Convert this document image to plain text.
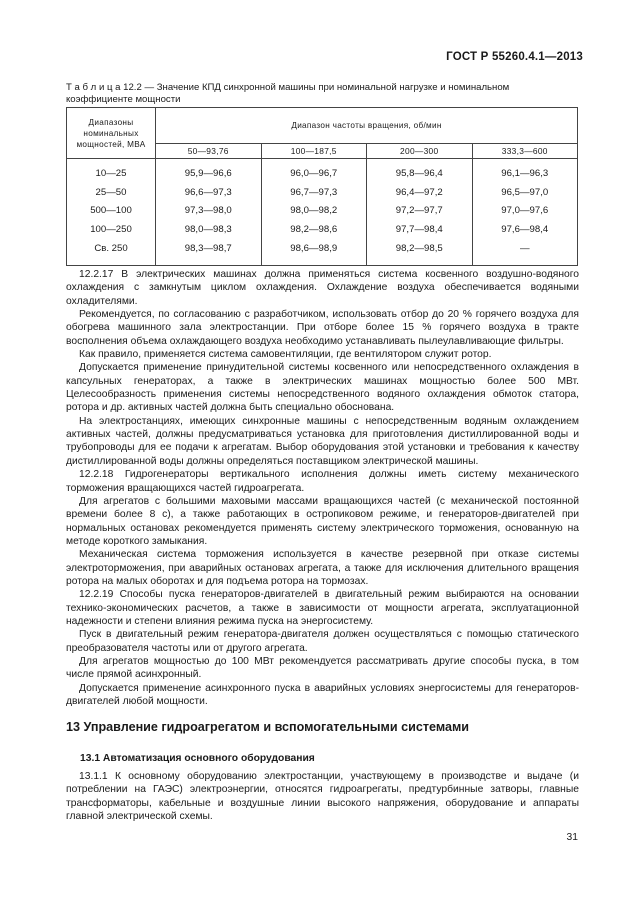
ГОСТ Р 55260.4.1—2013
Т а б л и ц а 12.2 — Значение КПД синхронной машины при номинальной нагрузке и номинальном коэффициенте мощности
Диапазоны номинальных мощностей, МВА	Диапазон частоты вращения, об/мин			
	50—93,76	100—187,5	200—300	333,3—600
10—25	95,9—96,6	96,0—96,7	95,8—96,4	96,1—96,3
25—50	96,6—97,3	96,7—97,3	96,4—97,2	96,5—97,0
500—100	97,3—98,0	98,0—98,2	97,2—97,7	97,0—97,6
100—250	98,0—98,3	98,2—98,6	97,7—98,4	97,6—98,4
Св. 250	98,3—98,7	98,6—98,9	98,2—98,5	—

12.2.17 В электрических машинах должна применяться система косвенного воздушно-водяного охлаждения с замкнутым циклом охлаждения. Охлаждение воздуха обеспечивается водяными охладителями.

Рекомендуется, по согласованию с разработчиком, использовать отбор до 20 % горячего воздуха для обогрева машинного зала электростанции. При отборе более 15 % горячего воздуха в тракте восполнения объема охлаждающего воздуха необходимо устанавливать пылеулавливающие фильтры.

Как правило, применяется система самовентиляции, где вентилятором служит ротор.

Допускается применение принудительной системы косвенного или непосредственного охлаждения в капсульных генераторах, а также в электрических машинах мощностью более 500 МВт. Целесообразность применения системы непосредственного водяного охлаждения обмоток статора, ротора и др. активных частей должна быть специально обоснована.

На электростанциях, имеющих синхронные машины с непосредственным водяным охлаждением активных частей, должны предусматриваться установка для приготовления дистиллированной воды и трубопроводы для ее подачи к агрегатам. Выбор оборудования этой установки и требования к качеству дистиллированной воды должны определяться поставщиком электрической машины.

12.2.18 Гидрогенераторы вертикального исполнения должны иметь систему механического торможения вращающихся частей гидроагрегата.

Для агрегатов с большими маховыми массами вращающихся частей (с механической постоянной времени более 8 с), а также работающих в остропиковом режиме, и генераторов-двигателей при нормальных остановах рекомендуется применять систему электрического торможения, основанную на методе короткого замыкания.

Механическая система торможения используется в качестве резервной при отказе системы электроторможения, при аварийных остановах агрегата, а также для исключения длительного вращения ротора на малых оборотах и для подъема ротора на тормозах.

12.2.19 Способы пуска генераторов-двигателей в двигательный режим выбираются на основании технико-экономических расчетов, а также в зависимости от мощности агрегата, эксплуатационной надежности и степени влияния режима пуска на энергосистему.

Пуск в двигательный режим генератора-двигателя должен осуществляться с помощью статического преобразователя частоты или от другого агрегата.

Для агрегатов мощностью до 100 МВт рекомендуется рассматривать другие способы пуска, в том числе прямой асинхронный.

Допускается применение асинхронного пуска в аварийных условиях энергосистемы для генераторов-двигателей любой мощности.

13 Управление гидроагрегатом и вспомогательными системами
13.1 Автоматизация основного оборудования

13.1.1 К основному оборудованию электростанции, участвующему в производстве и выдаче (и потреблении на ГАЭС) электроэнергии, относятся гидроагрегаты, предтурбинные затворы, главные трансформаторы, кабельные и воздушные линии высокого напряжения, оборудование и аппараты главной электрической схемы.

31
